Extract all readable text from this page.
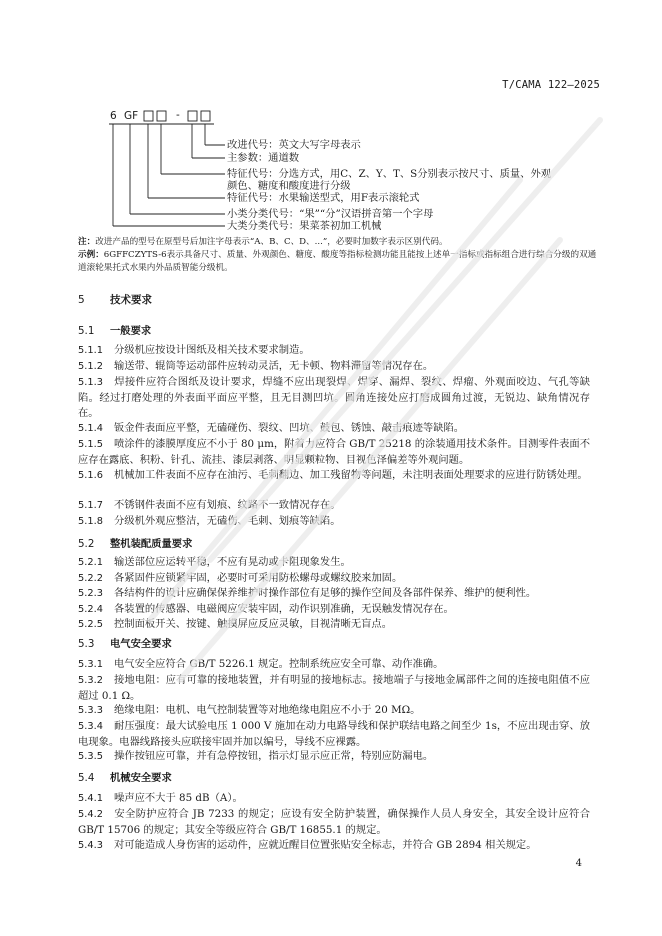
T/CAMA 122—2025
6 GF	-
改进代号：英文大写字母表示
主参数：通道数
特征代号：分选方式，用C、Z、Y、T、S分别表示按尺寸、质量、外观
颜色、糖度和酸度进行分级
特征代号：水果输送型式，用F表示滚轮式
小类分类代号：“果”“分”汉语拼音第一个字母
大类分类代号：果菜茶初加工机械
注：改进产品的型号在原型号后加注字母表示“A、B、C、D、...”，必要时加数字表示区别代码。
示例：6GFFCZYTS-6表示具备尺寸、质量、外观颜色、糖度、酸度等指标检测功能且能按上述单一指标或指标组合进行综合分级的双通道滚轮果托式水果内外品质智能分级机。
5 技术要求
5.1 一般要求
5.1.1 分级机应按设计图纸及相关技术要求制造。
5.1.2 输送带、辊筒等运动部件应转动灵活，无卡顿、物料滞留等情况存在。
5.1.3 焊接件应符合图纸及设计要求，焊缝不应出现裂焊、焊穿、漏焊、裂纹、焊瘤、外观面咬边、气孔等缺陷。经过打磨处理的外表面平面应平整，且无目测凹坑。圆角连接处应打磨成圆角过渡，无锐边、缺角情况存在。
5.1.4 钣金件表面应平整，无磕碰伤、裂纹、凹坑、鼓包、锈蚀、敲击痕迹等缺陷。
5.1.5 喷涂件的漆膜厚度应不小于 80 μm，附着力应符合 GB/T 25218 的涂装通用技术条件。目测零件表面不应存在露底、积粉、针孔、流挂、漆层剥落、明显颗粒物、目视色泽偏差等外观问题。
5.1.6 机械加工件表面不应存在油污、毛刺翻边、加工残留物等问题，未注明表面处理要求的应进行防锈处理。
5.1.7 不锈钢件表面不应有划痕、纹路不一致情况存在。
5.1.8 分级机外观应整洁，无磕伤、毛刺、划痕等缺陷。
5.2 整机装配质量要求
5.2.1 输送部位应运转平稳，不应有晃动或卡阻现象发生。
5.2.2 各紧固件应锁紧牢固，必要时可采用防松螺母或螺纹胶来加固。
5.2.3 各结构件的设计应确保保养维护时操作部位有足够的操作空间及各部件保养、维护的便利性。
5.2.4 各装置的传感器、电磁阀应安装牢固，动作识别准确，无误触发情况存在。
5.2.5 控制面板开关、按键、触摸屏应反应灵敏，目视清晰无盲点。
5.3 电气安全要求
5.3.1 电气安全应符合 GB/T 5226.1 规定。控制系统应安全可靠、动作准确。
5.3.2 接地电阻：应有可靠的接地装置，并有明显的接地标志。接地端子与接地金属部件之间的连接电阻值不应超过 0.1 Ω。
5.3.3 绝缘电阻：电机、电气控制装置等对地绝缘电阻应不小于 20 MΩ。
5.3.4 耐压强度：最大试验电压 1 000 V 施加在动力电路导线和保护联结电路之间至少 1s，不应出现击穿、放电现象。电器线路接头应联接牢固并加以编号，导线不应裸露。
5.3.5 操作按钮应可靠，并有急停按钮，指示灯显示应正常，特别应防漏电。
5.4 机械安全要求
5.4.1 噪声应不大于 85 dB（A）。
5.4.2 安全防护应符合 JB 7233 的规定；应设有安全防护装置，确保操作人员人身安全，其安全设计应符合 GB/T 15706 的规定；其安全等级应符合 GB/T 16855.1 的规定。
5.4.3 对可能造成人身伤害的运动件，应就近醒目位置张贴安全标志，并符合 GB 2894 相关规定。
4
